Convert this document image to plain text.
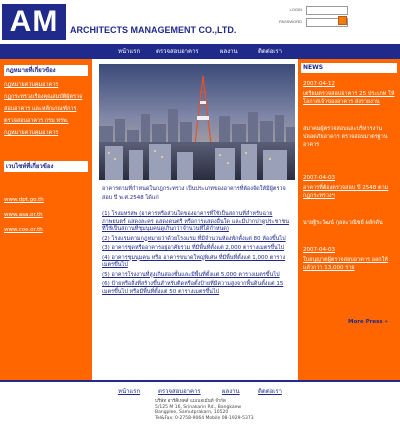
AM	ARCHITECTS MANAGEMENT CO.,LTD.
LOGIN
PASSWORD
หน้าแรก	ตรวจสอบอาคาร	ผลงาน	ติดต่อเรา
กฎหมายที่เกี่ยวข้อง
กฎหมายควบคุมอาคาร
กฎกระทรวงเรื่องคุณสมบัติผู้ตรวจ
สอบอาคาร และหลักเกณฑ์การ
ตรวจสอบอาคาร กรม ทรพ.
กฎหมายควบคุมอาคาร
เวบไซท์ที่เกี่ยวข้อง
www.dpt.go.th
www.asa.or.th
www.coe.or.th
อาคารตามที่กำหนดในกฎกระทรวง เป็นประเภทของอาคารที่ต้องจัดให้มีผู้ตรวจสอบ ปี พ.ศ.2548 ได้แก่
(1) โรงมหรสพ (อาคารหรือส่วนใดของอาคารที่ใช้เป็นสถานที่สำหรับฉายภาพยนตร์ แสดงละคร แสดงดนตรี หรือการแสดงอื่นใด และมีปากปาดูประชาชนที่ใช้เป็นสถานที่ชุมนุมคนดูเกินกว่าจำนวนที่ได้กำหนด)
(2) โรงแรมตามกฎหมายว่าด้วยโรงแรม ที่มีจำนวนห้องพักตั้งแต่ 80 ห้องขึ้นไป
(3) อาคารชุดหรืออาคารอยู่อาศัยรวม ที่มีพื้นที่ตั้งแต่ 2,000 ตารางเมตรขึ้นไป
(4) อาคารชุมนุมคน หรือ อาคารขนาดใหญ่พิเศษ ที่มีพื้นที่ตั้งแต่ 1,000 ตารางเมตรขึ้นไป
(5) อาคารโรงงานที่สูงเกินสองชั้นและมีพื้นที่ตั้งแต่ 5,000 ตารางเมตรขึ้นไป
(6) ป้ายหรือสิ่งที่สร้างขึ้นสำหรับติดหรือตั้งป้ายที่มีความสูงจากพื้นดินตั้งแต่ 15 เมตรขึ้นไป หรือมีพื้นที่ตั้งแต่ 50 ตารางเมตรขึ้นไป
NEWS
2007-04-12
เตรียมตรวจสอบอาคาร 25 ประเภท ให้โอกาสเจ้าของอาคาร ส่งรายงาน
สมาคมผู้ตรวจสอบและบริหารงานปลอดภัยอาคาร ตรวจสอบมาตรฐานอาคาร
2007-04-03
อาคารที่ต้องตรวจสอบ ปี 2548 ตามกฎกระทรวงฯ
นายฐิระวัฒน์ กุลละวณิชย์ ผลักดัน
2007-04-03
ใบอนุญาตผู้ตรวจสอบอาคาร ออกให้แล้วกว่า 13,000 ราย
More Press »
หน้าแรก	ตรวจสอบอาคาร	ผลงาน	ติดต่อเรา
บริษัท อาร์คิเทคส์ แมเนจเม้นท์ จำกัด
5/125 M 16, Srinakarin Rd., Bangkaew
Bangplee, Samutprakarn, 10520
Tel&Fax: 0-2758-9064 Mobile 08-1929-5373
